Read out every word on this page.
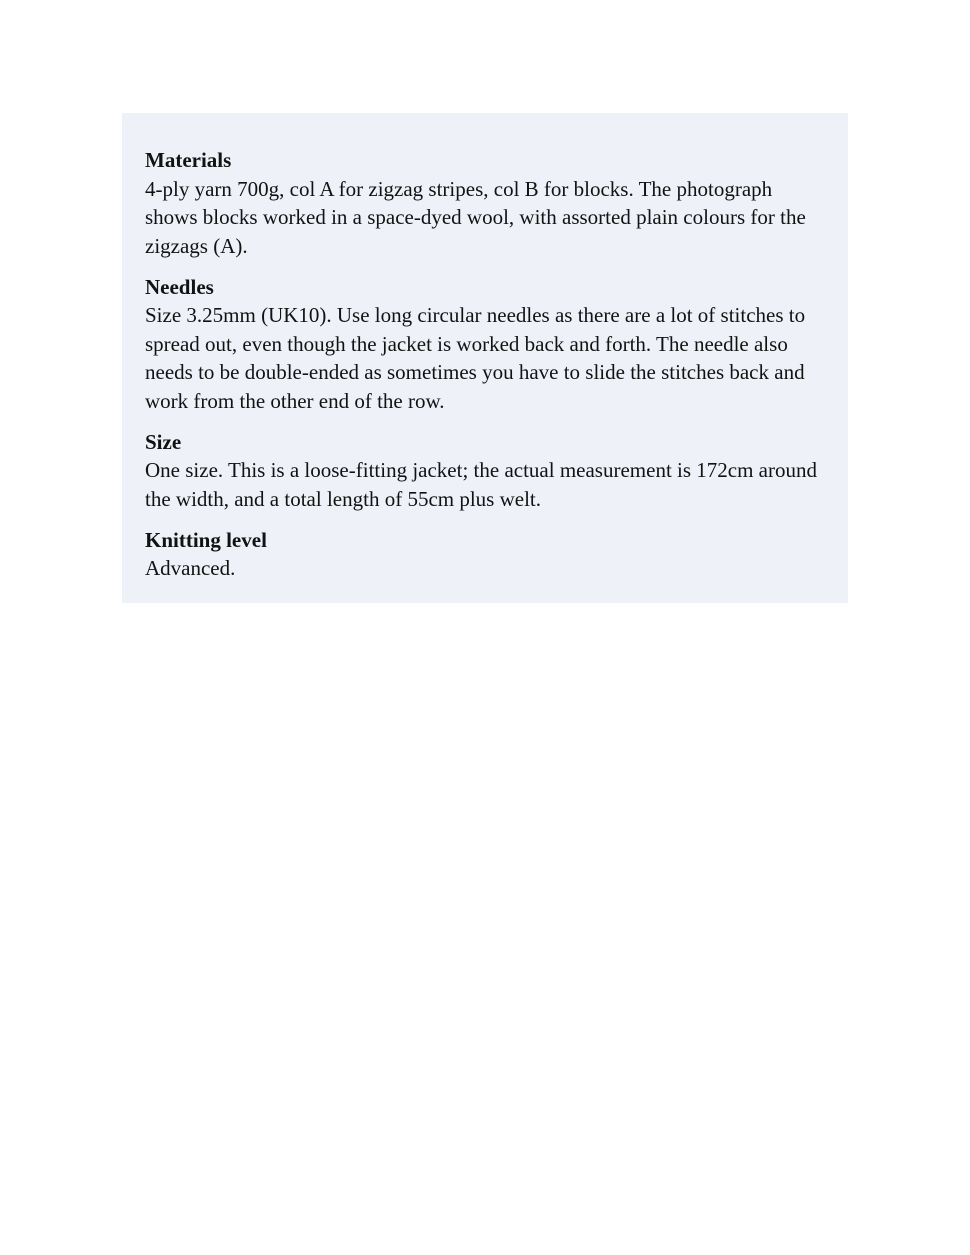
Materials
4-ply yarn 700g, col A for zigzag stripes, col B for blocks. The photograph shows blocks worked in a space-dyed wool, with assorted plain colours for the zigzags (A).
Needles
Size 3.25mm (UK10). Use long circular needles as there are a lot of stitches to spread out, even though the jacket is worked back and forth. The needle also needs to be double-ended as sometimes you have to slide the stitches back and work from the other end of the row.
Size
One size. This is a loose-fitting jacket; the actual measurement is 172cm around the width, and a total length of 55cm plus welt.
Knitting level
Advanced.
